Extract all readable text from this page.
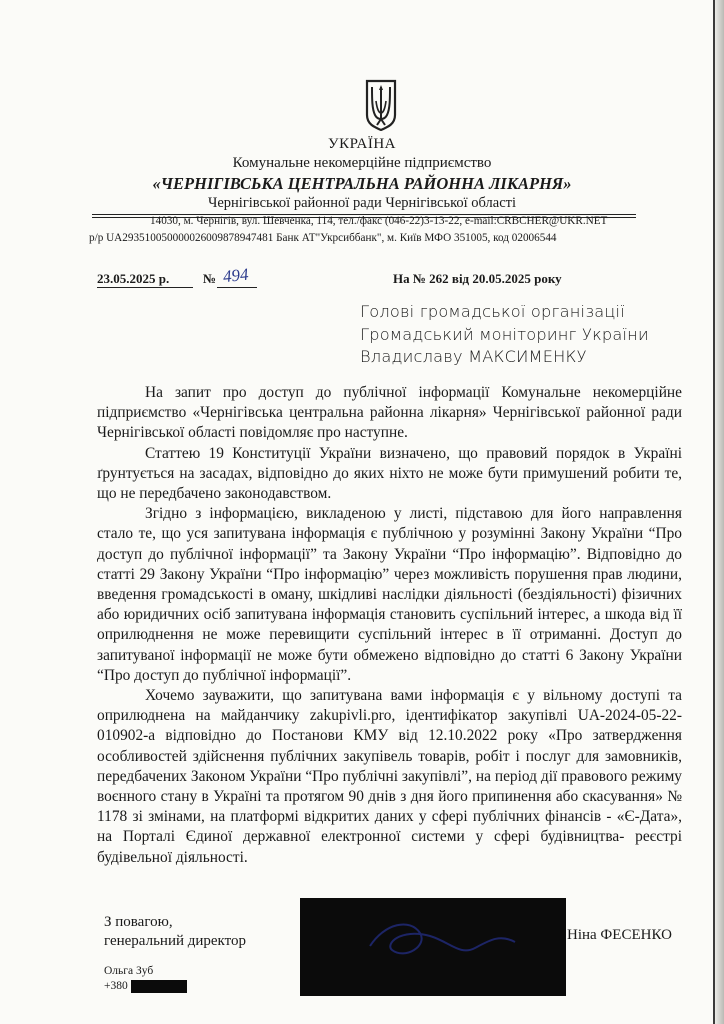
УКРАЇНА
Комунальне некомерційне підприємство
«ЧЕРНІГІВСЬКА ЦЕНТРАЛЬНА РАЙОННА ЛІКАРНЯ»
Чернігівської районної ради Чернігівської області
14030, м. Чернігів, вул. Шевченка, 114, тел./факс (046-22)3-13-22, e-mail:CRBCHER@UKR.NET
р/р UA293510050000026009878947481 Банк АТ"Укрсиббанк", м. Київ МФО 351005, код 02006544
23.05.2025 р.	№ 494	На № 262 від 20.05.2025 року
Голові громадської організації
Громадський моніторинг України
Владиславу МАКСИМЕНКУ

На запит про доступ до публічної інформації Комунальне некомерційне підприємство «Чернігівська центральна районна лікарня» Чернігівської районної ради Чернігівської області повідомляє про наступне.

Статтею 19 Конституції України визначено, що правовий порядок в Україні ґрунтується на засадах, відповідно до яких ніхто не може бути примушений робити те, що не передбачено законодавством.

Згідно з інформацією, викладеною у листі, підставою для його направлення стало те, що уся запитувана інформація є публічною у розумінні Закону України “Про доступ до публічної інформації” та Закону України “Про інформацію”. Відповідно до статті 29 Закону України “Про інформацію” через можливість порушення прав людини, введення громадськості в оману, шкідливі наслідки діяльності (бездіяльності) фізичних або юридичних осіб запитувана інформація становить суспільний інтерес, а шкода від її оприлюднення не може перевищити суспільний інтерес в її отриманні. Доступ до запитуваної інформації не може бути обмежено відповідно до статті 6 Закону України “Про доступ до публічної інформації”.

Хочемо зауважити, що запитувана вами інформація є у вільному доступі та оприлюднена на майданчику zakupivli.pro, ідентифікатор закупівлі UA-2024-05-22-010902-а відповідно до Постанови КМУ від 12.10.2022 року «Про затвердження особливостей здійснення публічних закупівель товарів, робіт і послуг для замовників, передбачених Законом України “Про публічні закупівлі”, на період дії правового режиму воєнного стану в Україні та протягом 90 днів з дня його припинення або скасування» № 1178 зі змінами, на платформі відкритих даних у сфері публічних фінансів - «Є-Дата», на Порталі Єдиної державної електронної системи у сфері будівництва- реєстрі будівельної діяльності.

З повагою,
генеральний директор	Ніна ФЕСЕНКО
Ольга Зуб
+380
